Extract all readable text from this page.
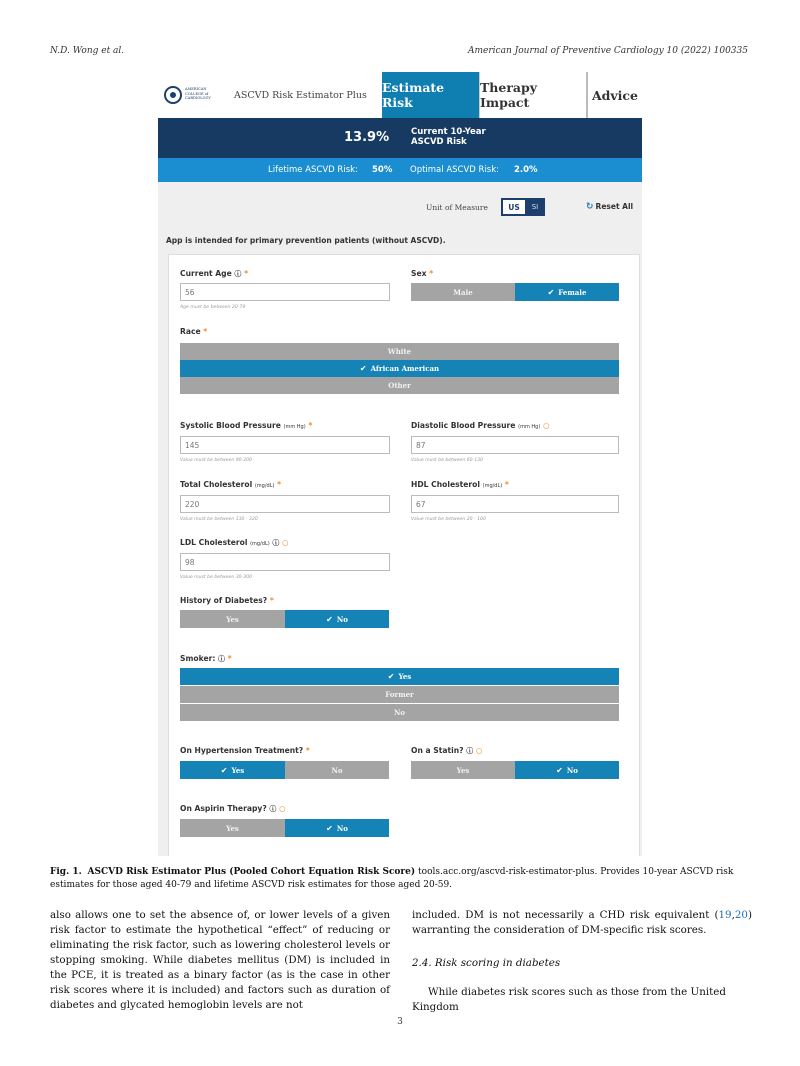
N.D. Wong et al.	American Journal of Preventive Cardiology 10 (2022) 100335
AMERICAN COLLEGE of CARDIOLOGY	ASCVD Risk Estimator Plus
Estimate Risk
Therapy Impact	Advice
13.9%	Current 10-Year ASCVD Risk
Lifetime ASCVD Risk: 50% Optimal ASCVD Risk: 2.0%
Unit of Measure	US	SI	↻ Reset All
App is intended for primary prevention patients (without ASCVD).
Current Age ⓘ *
56
Age must be between 20-79
Sex *
Male	✔ Female
Race *
White
✔ African American
Other
Systolic Blood Pressure (mm Hg) *
145
Value must be between 90-200
Diastolic Blood Pressure (mm Hg) ○
87
Value must be between 60-130
Total Cholesterol (mg/dL) *
220
Value must be between 130 - 320
HDL Cholesterol (mg/dL) *
67
Value must be between 20 - 100
LDL Cholesterol (mg/dL) ⓘ ○
98
Value must be between 30-300
History of Diabetes? *
Yes	✔ No
Smoker: ⓘ *
✔ Yes
Former
No
On Hypertension Treatment? *
✔ Yes	No
On a Statin? ⓘ ○
Yes	✔ No
On Aspirin Therapy? ⓘ ○
Yes	✔ No
Fig. 1. ASCVD Risk Estimator Plus (Pooled Cohort Equation Risk Score) tools.acc.org/ascvd-risk-estimator-plus. Provides 10-year ASCVD risk estimates for those aged 40-79 and lifetime ASCVD risk estimates for those aged 20-59.
also allows one to set the absence of, or lower levels of a given risk factor to estimate the hypothetical “effect” of reducing or eliminating the risk factor, such as lowering cholesterol levels or stopping smoking. While diabetes mellitus (DM) is included in the PCE, it is treated as a binary factor (as is the case in other risk scores where it is included) and factors such as duration of diabetes and glycated hemoglobin levels are not
included. DM is not necessarily a CHD risk equivalent (19,20) warranting the consideration of DM-specific risk scores.
2.4. Risk scoring in diabetes
While diabetes risk scores such as those from the United Kingdom
3
